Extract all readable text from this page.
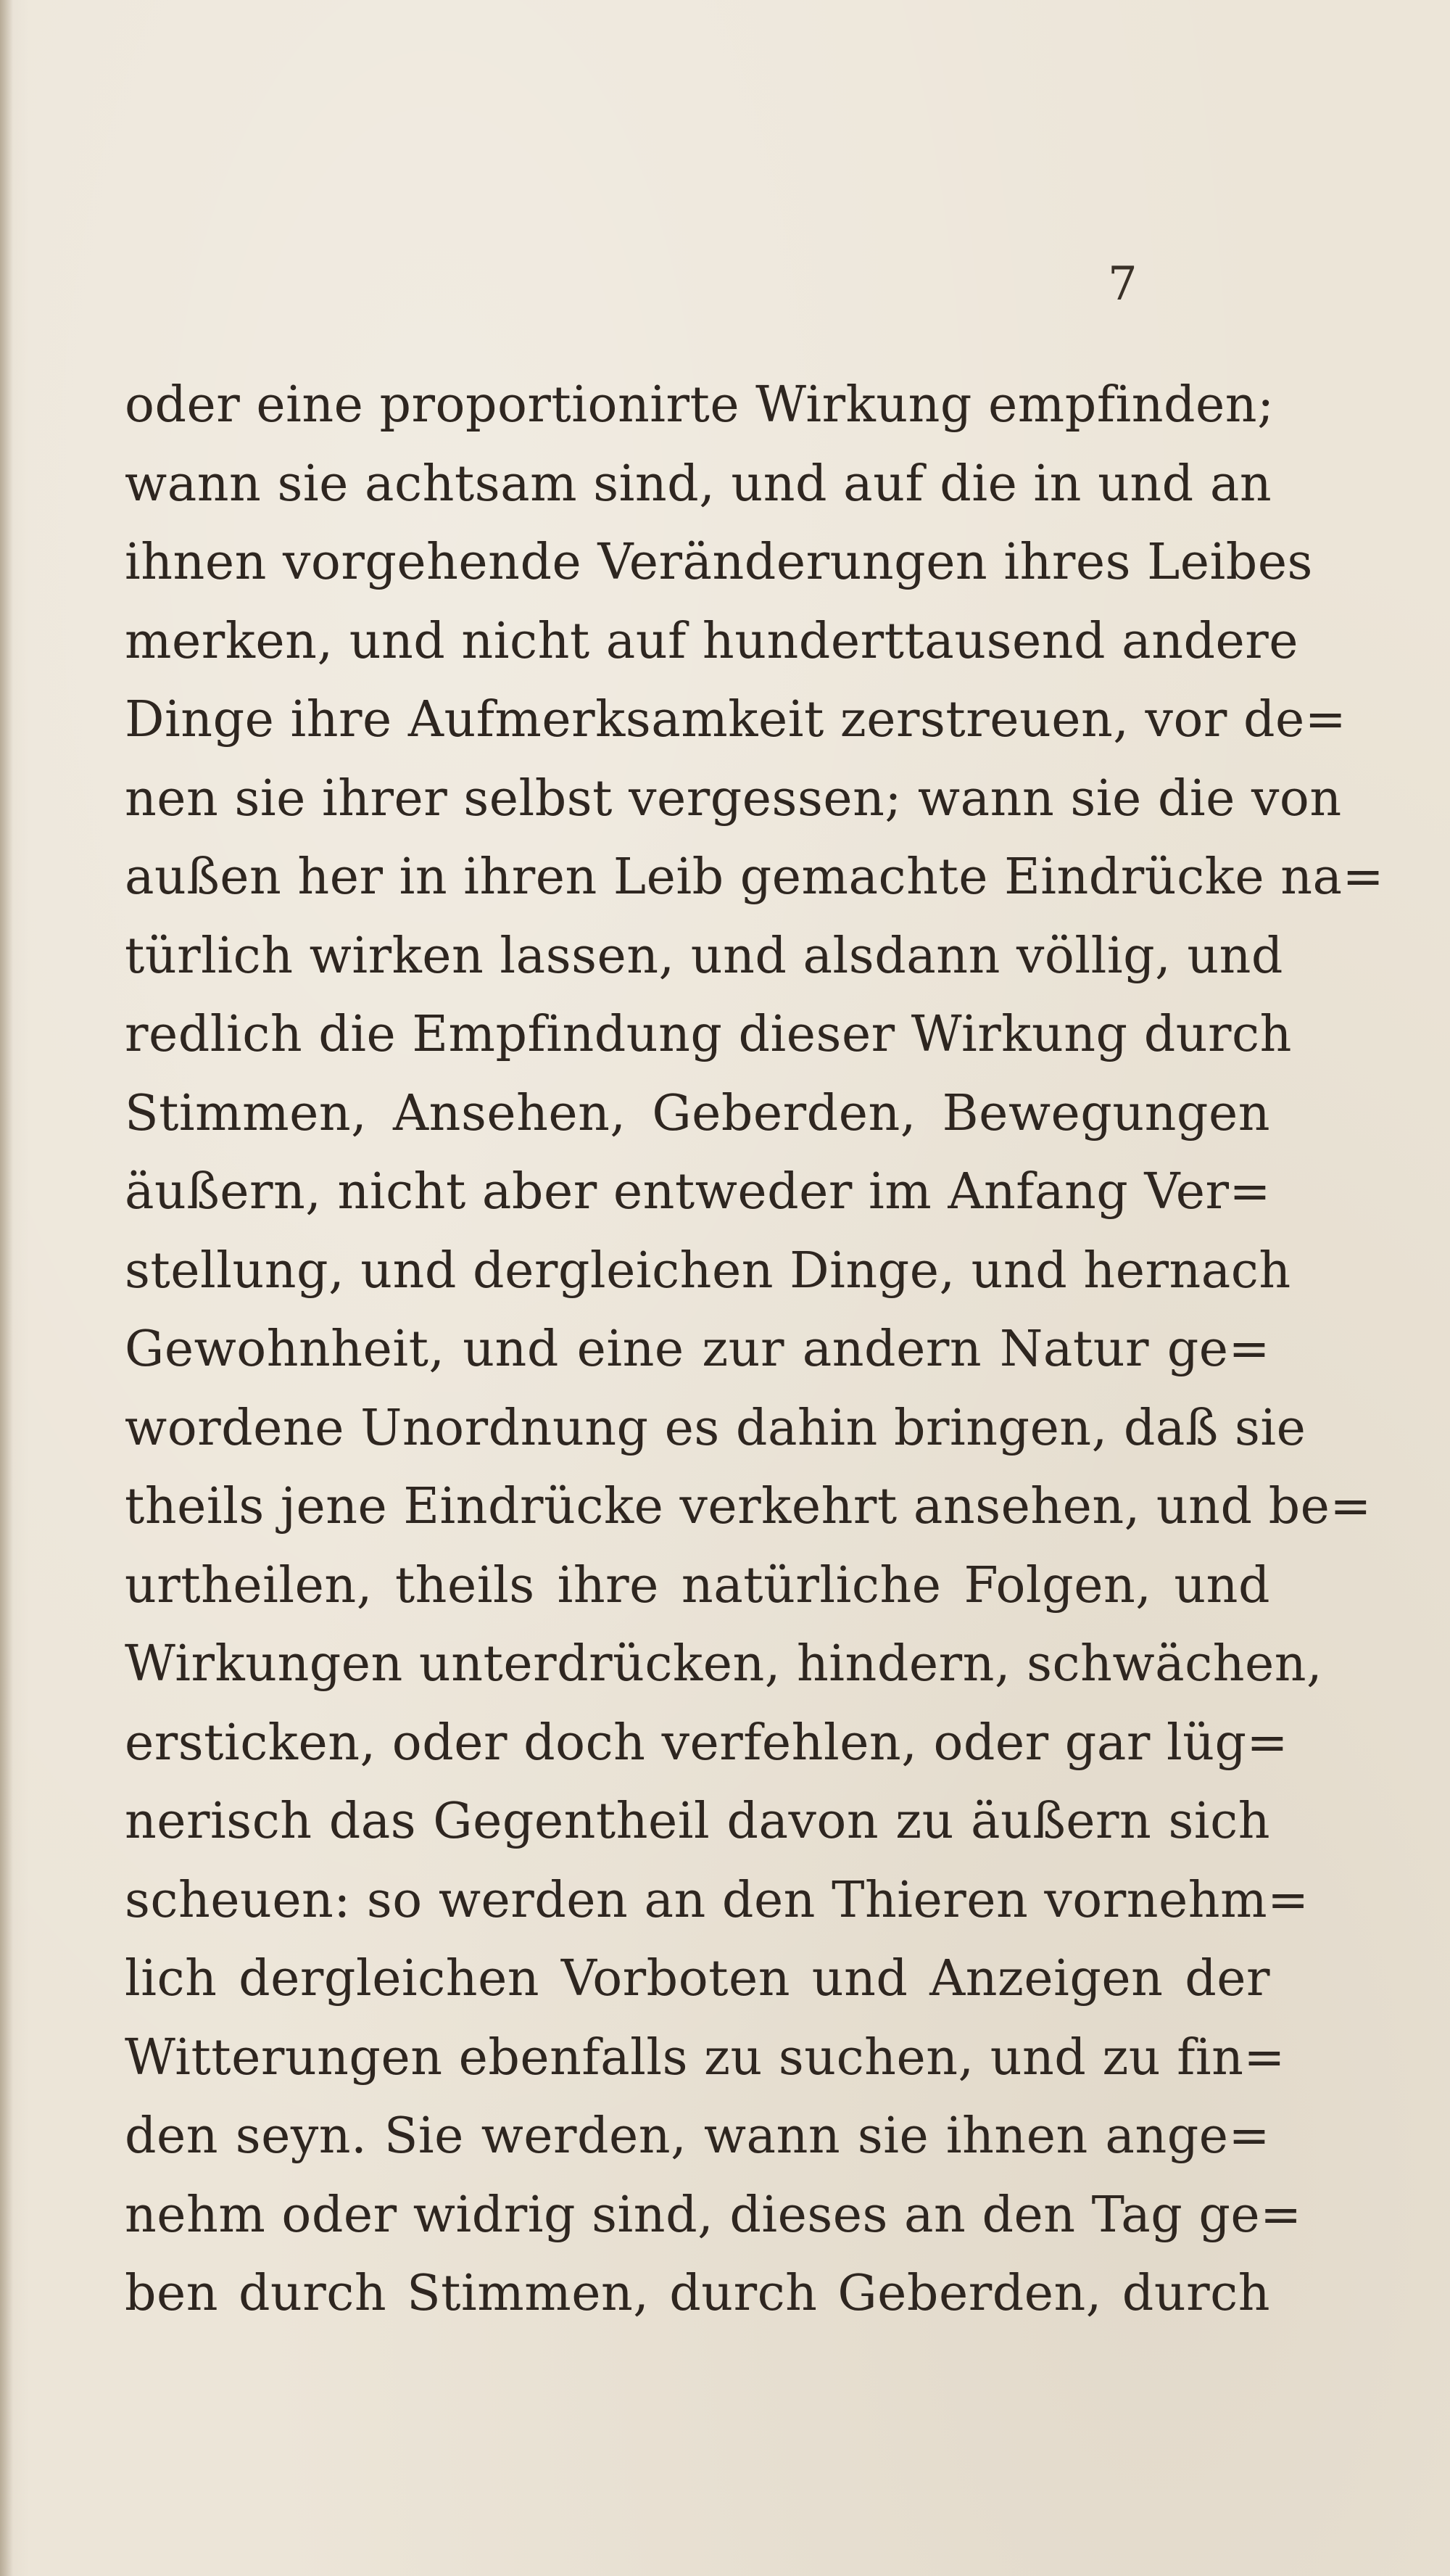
7
oder eine proportionirte Wirkung empfinden;
wann sie achtsam sind, und auf die in und an
ihnen vorgehende Veränderungen ihres Leibes
merken, und nicht auf hunderttausend andere
Dinge ihre Aufmerksamkeit zerstreuen, vor de=
nen sie ihrer selbst vergessen; wann sie die von
außen her in ihren Leib gemachte Eindrücke na=
türlich wirken lassen, und alsdann völlig, und
redlich die Empfindung dieser Wirkung durch
Stimmen, Ansehen, Geberden, Bewegungen
äußern, nicht aber entweder im Anfang Ver=
stellung, und dergleichen Dinge, und hernach
Gewohnheit, und eine zur andern Natur ge=
wordene Unordnung es dahin bringen, daß sie
theils jene Eindrücke verkehrt ansehen, und be=
urtheilen, theils ihre natürliche Folgen, und
Wirkungen unterdrücken, hindern, schwächen,
ersticken, oder doch verfehlen, oder gar lüg=
nerisch das Gegentheil davon zu äußern sich
scheuen: so werden an den Thieren vornehm=
lich dergleichen Vorboten und Anzeigen der
Witterungen ebenfalls zu suchen, und zu fin=
den seyn. Sie werden, wann sie ihnen ange=
nehm oder widrig sind, dieses an den Tag ge=
ben durch Stimmen, durch Geberden, durch
